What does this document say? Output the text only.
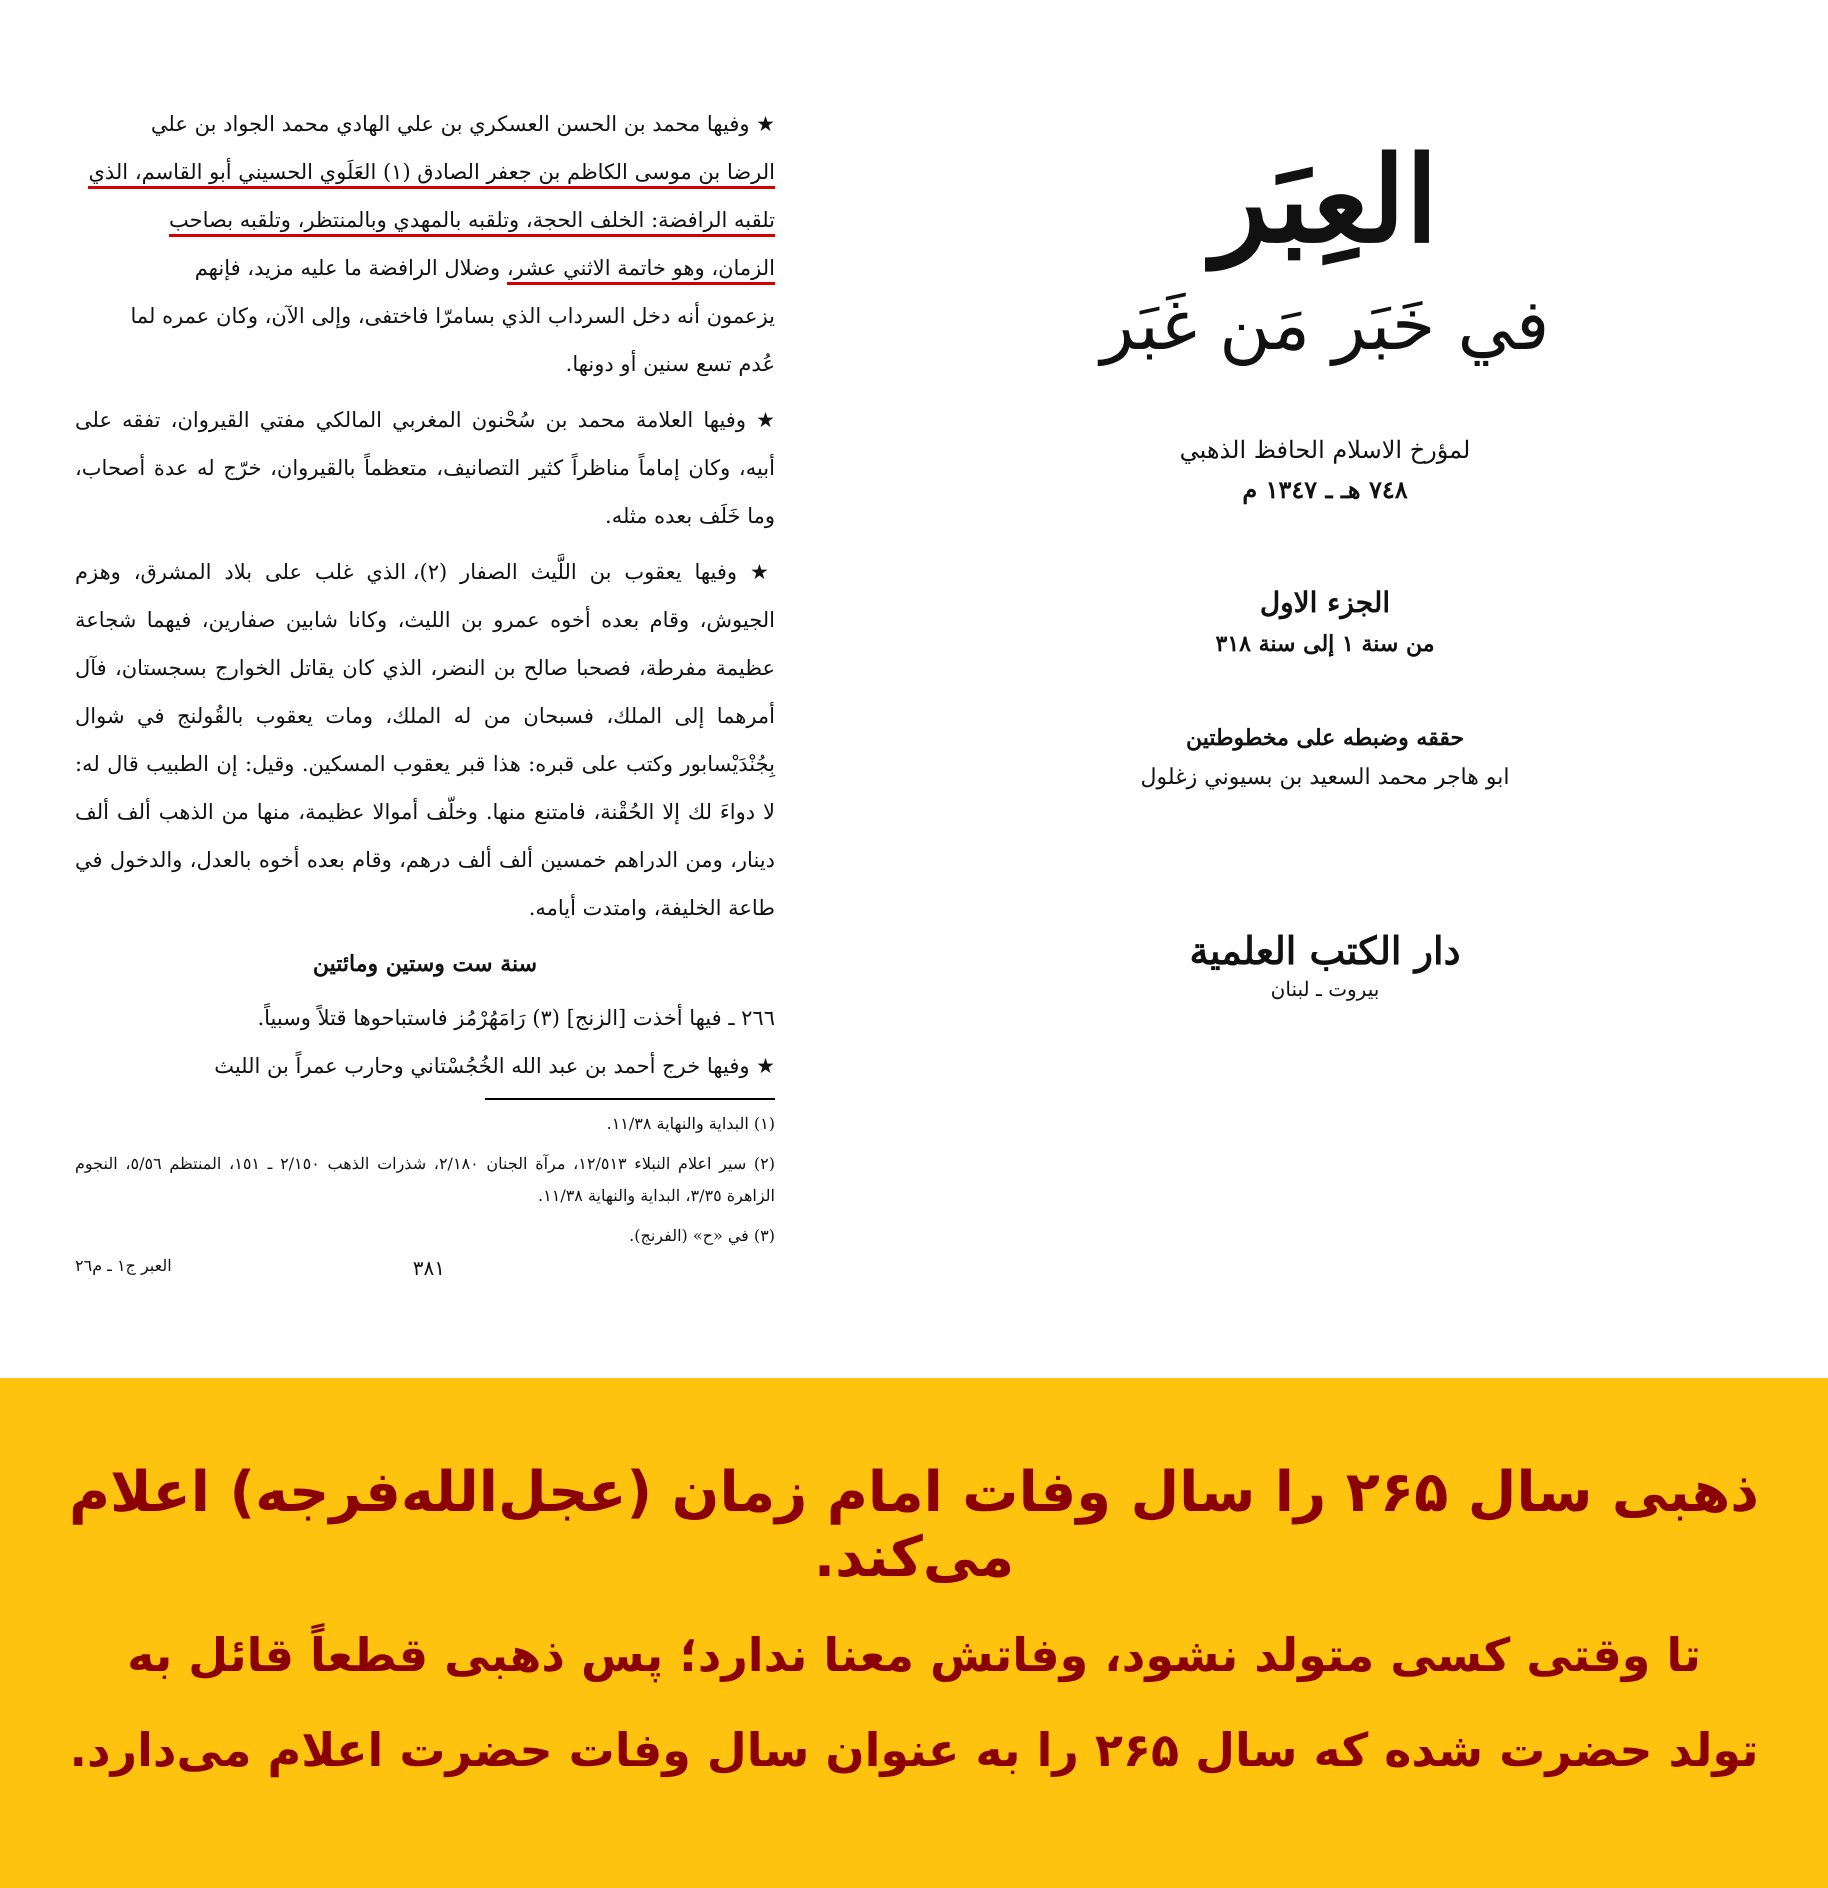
★ وفيها محمد بن الحسن العسكري بن علي الهادي محمد الجواد بن علي
الرضا بن موسى الكاظم بن جعفر الصادق (١) العَلَوي الحسيني أبو القاسم، الذي
تلقبه الرافضة: الخلف الحجة، وتلقبه بالمهدي وبالمنتظر، وتلقبه بصاحب
الزمان، وهو خاتمة الاثني عشر، وضلال الرافضة ما عليه مزيد، فإنهم
يزعمون أنه دخل السرداب الذي بسامرّا فاختفى، وإلى الآن، وكان عمره لما
عُدم تسع سنين أو دونها.

★ وفيها العلامة محمد بن سُحْنون المغربي المالكي مفتي القيروان، تفقه على أبيه، وكان إماماً مناظراً كثير التصانيف، متعظماً بالقيروان، خرّج له عدة أصحاب، وما خَلَف بعده مثله.

★ وفيها يعقوب بن اللَّيث الصفار (٢)، الذي غلب على بلاد المشرق، وهزم الجيوش، وقام بعده أخوه عمرو بن الليث، وكانا شابين صفارين، فيهما شجاعة عظيمة مفرطة، فصحبا صالح بن النضر، الذي كان يقاتل الخوارج بسجستان، فآل أمرهما إلى الملك، فسبحان من له الملك، ومات يعقوب بالقُولنج في شوال بِجُنْدَيْسابور وكتب على قبره: هذا قبر يعقوب المسكين. وقيل: إن الطبيب قال له: لا دواءَ لك إلا الحُقْنة، فامتنع منها. وخلّف أموالا عظيمة، منها من الذهب ألف ألف دينار، ومن الدراهم خمسين ألف ألف درهم، وقام بعده أخوه بالعدل، والدخول في طاعة الخليفة، وامتدت أيامه.

سنة ست وستين ومائتين

٢٦٦ ـ فيها أخذت [الزنج] (٣) رَامَهُرْمُز فاستباحوها قتلاً وسبياً.

★ وفيها خرج أحمد بن عبد الله الخُجُسْتاني وحارب عمراً بن الليث

(١) البداية والنهاية ١١/٣٨.

(٢) سير اعلام النبلاء ١٢/٥١٣، مرآة الجنان ٢/١٨٠، شذرات الذهب ٢/١٥٠ ـ ١٥١، المنتظم ٥/٥٦، النجوم الزاهرة ٣/٣٥، البداية والنهاية ١١/٣٨.

(٣) في «ح» (الفرنج).

٣٨١
العبر ج١ ـ م٢٦
العِبَر
في خَبَر مَن غَبَر
لمؤرخ الاسلام الحافظ الذهبي
٧٤٨ هـ ـ ١٣٤٧ م
الجزء الاول
من سنة ١ إلى سنة ٣١٨
حققه وضبطه على مخطوطتين
ابو هاجر محمد السعيد بن بسيوني زغلول
دار الكتب العلمية
بيروت ـ لبنان
ذهبی سال ۲۶۵ را سال وفات امام زمان (عجل‌الله‌فرجه) اعلام می‌کند.
تا وقتی کسی متولد نشود، وفاتش معنا ندارد؛ پس ذهبی قطعاً قائل به
تولد حضرت شده که سال ۲۶۵ را به عنوان سال وفات حضرت اعلام می‌دارد.
